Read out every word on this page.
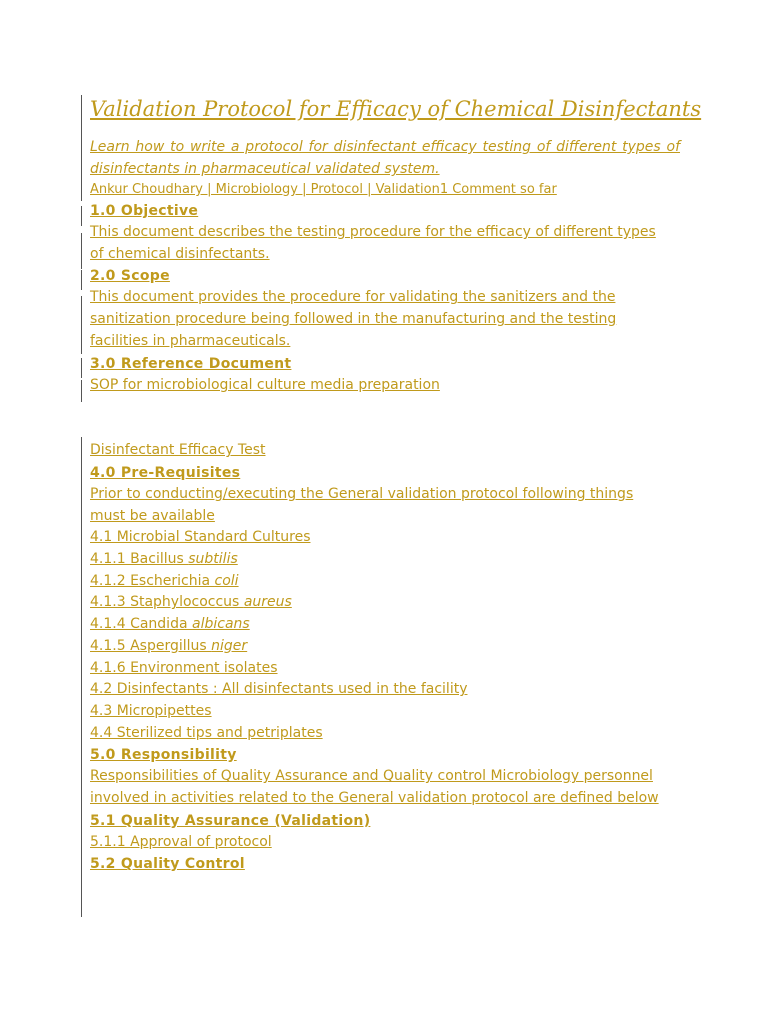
Validation Protocol for Efficacy of Chemical Disinfectants

Learn how to write a protocol for disinfectant efficacy testing of different types of disinfectants in pharmaceutical validated system.

Ankur Choudhary | Microbiology | Protocol | Validation1 Comment so far

1.0 Objective

This document describes the testing procedure for the efficacy of different types of chemical disinfectants.

2.0 Scope

This document provides the procedure for validating the sanitizers and the sanitization procedure being followed in the manufacturing and the testing facilities in pharmaceuticals.

3.0 Reference Document

SOP for microbiological culture media preparation

Disinfectant Efficacy Test

4.0 Pre-Requisites

Prior to conducting/executing the General validation protocol following things must be available

4.1 Microbial Standard Cultures

4.1.1 Bacillus subtilis

4.1.2 Escherichia coli

4.1.3 Staphylococcus aureus

4.1.4 Candida albicans

4.1.5 Aspergillus niger

4.1.6 Environment isolates

4.2 Disinfectants : All disinfectants used in the facility

4.3 Micropipettes

4.4 Sterilized tips and petriplates

5.0 Responsibility

Responsibilities of Quality Assurance and Quality control Microbiology personnel involved in activities related to the General validation protocol are defined below

5.1 Quality Assurance (Validation)

5.1.1 Approval of protocol

5.2 Quality Control
